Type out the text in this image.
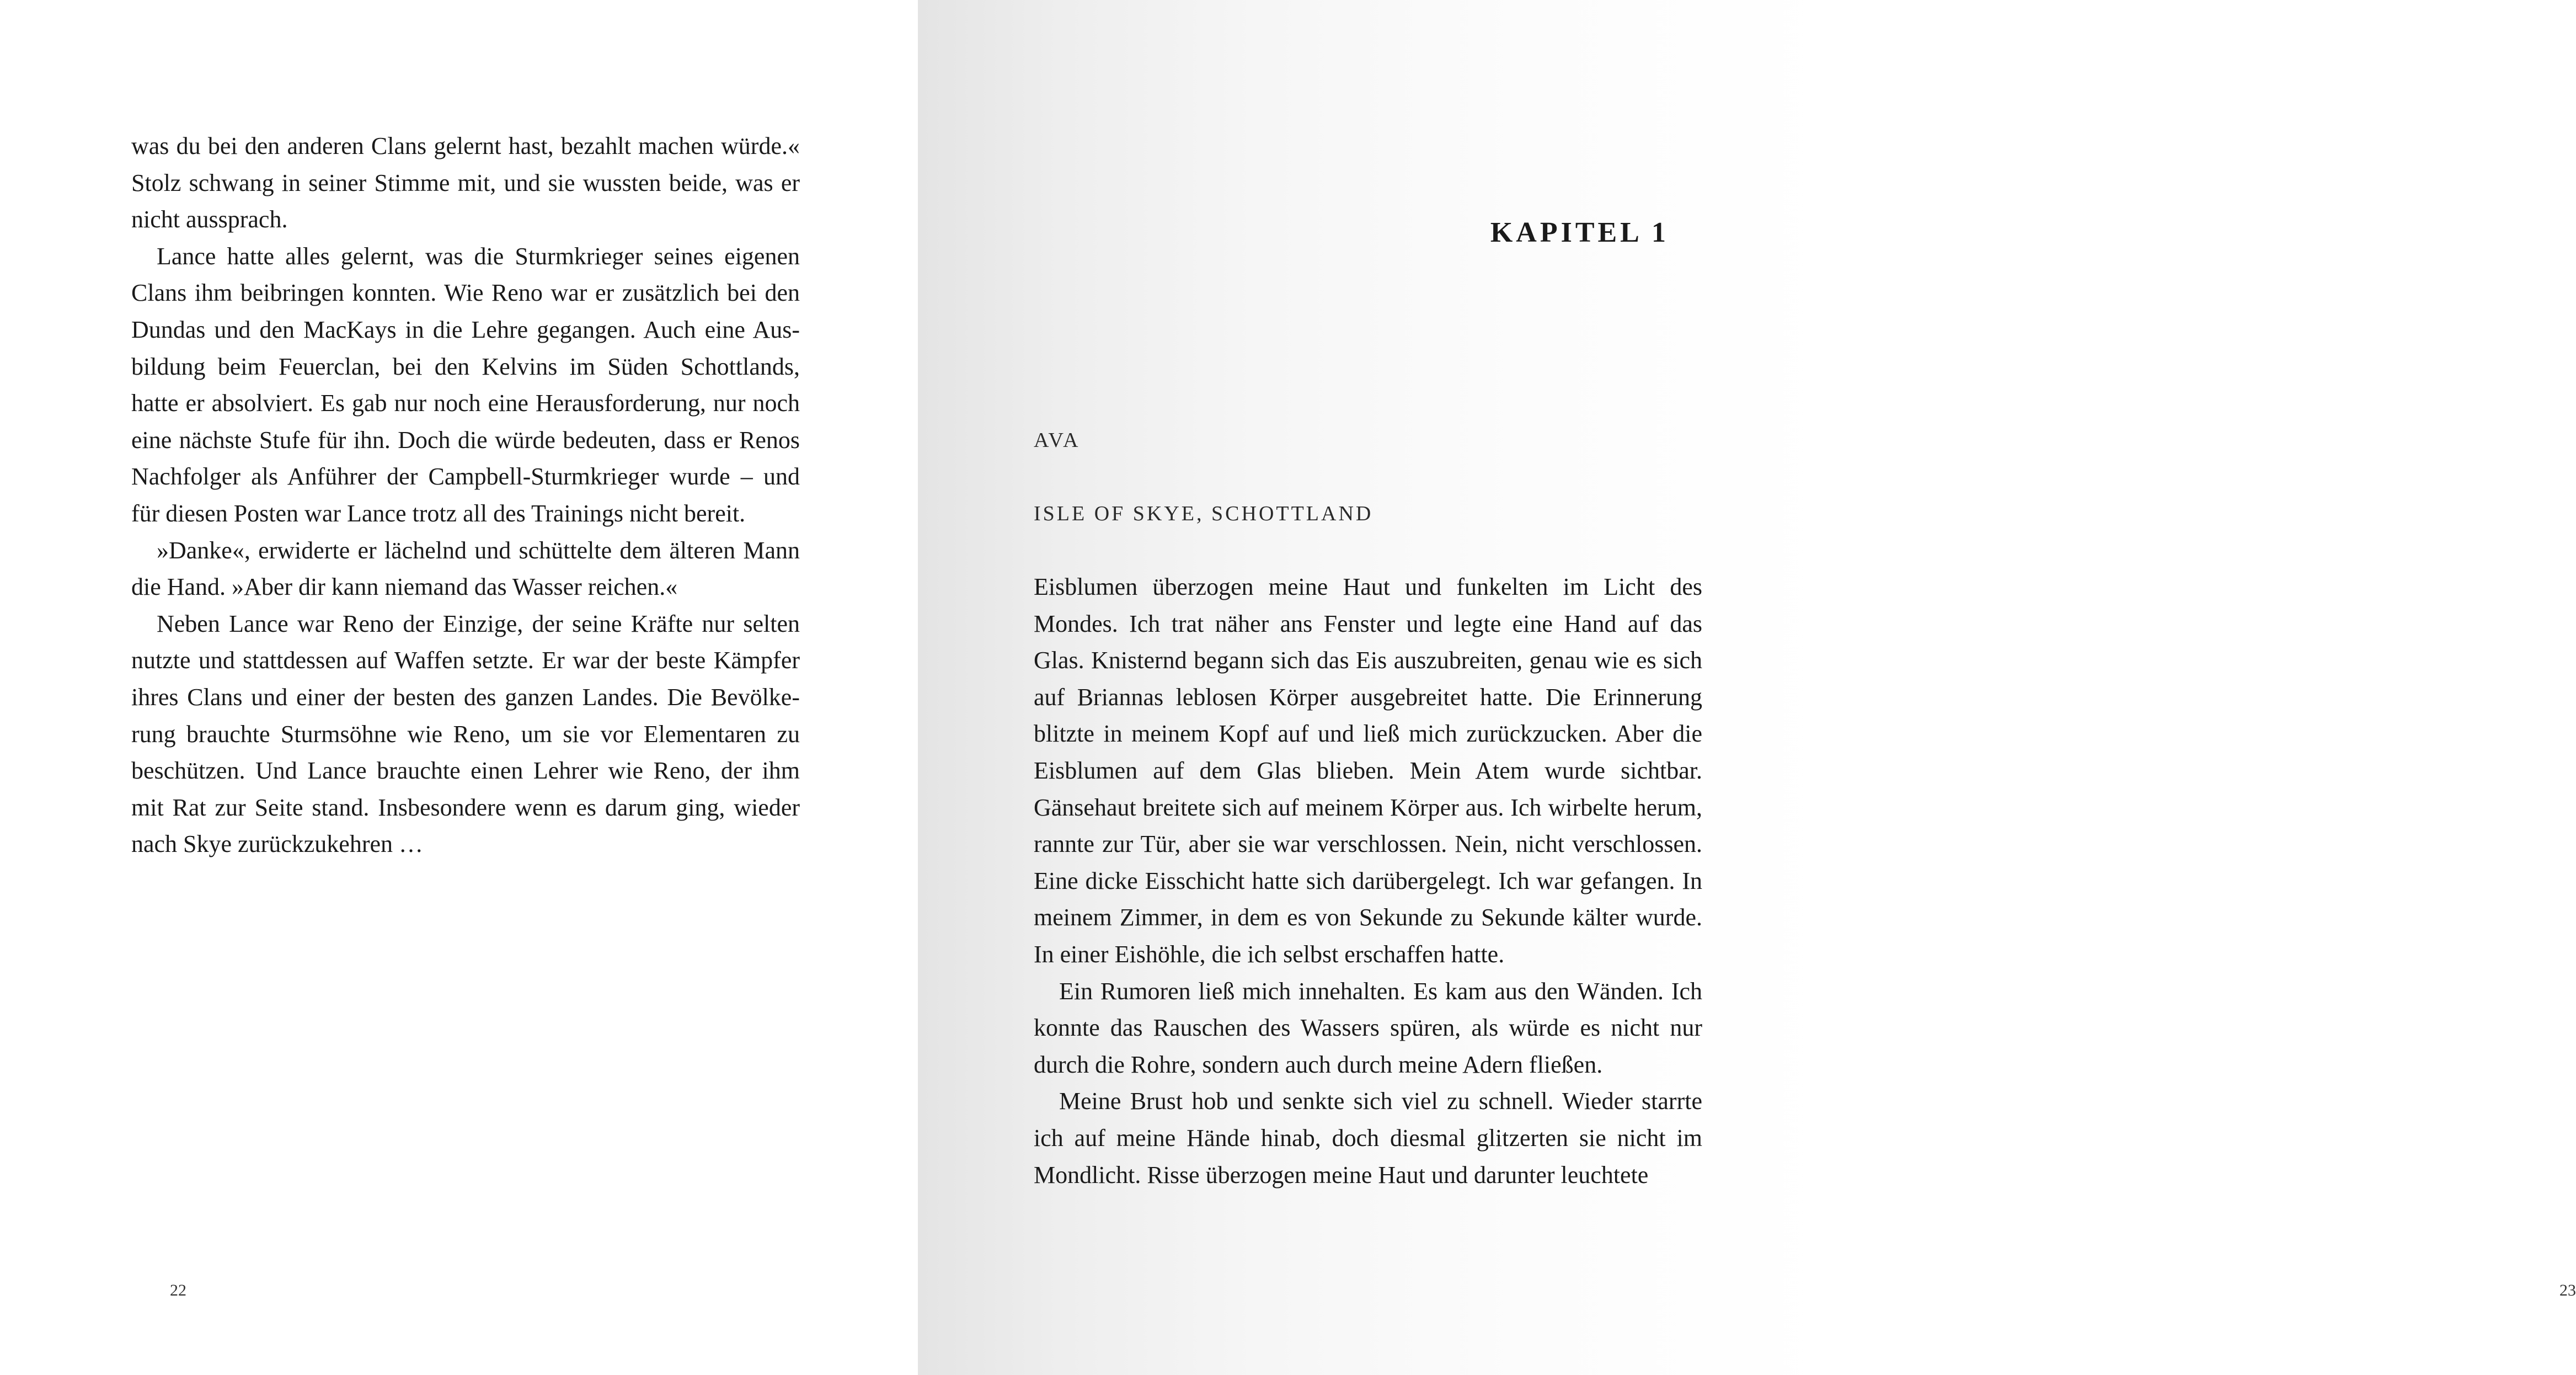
was du bei den anderen Clans gelernt hast, bezahlt machen würde.« Stolz schwang in seiner Stimme mit, und sie wussten beide, was er nicht aussprach.

Lance hatte alles gelernt, was die Sturmkrieger seines eigenen Clans ihm beibringen konnten. Wie Reno war er zusätzlich bei den Dundas und den MacKays in die Lehre gegangen. Auch eine Ausbildung beim Feuerclan, bei den Kelvins im Süden Schottlands, hatte er absolviert. Es gab nur noch eine Herausforderung, nur noch eine nächste Stufe für ihn. Doch die würde bedeuten, dass er Renos Nachfolger als Anführer der Campbell-Sturmkrieger wurde – und für diesen Posten war Lance trotz all des Trainings nicht bereit.

»Danke«, erwiderte er lächelnd und schüttelte dem älteren Mann die Hand. »Aber dir kann niemand das Wasser reichen.«

Neben Lance war Reno der Einzige, der seine Kräfte nur selten nutzte und stattdessen auf Waffen setzte. Er war der beste Kämpfer ihres Clans und einer der besten des ganzen Landes. Die Bevölkerung brauchte Sturmsöhne wie Reno, um sie vor Elementaren zu beschützen. Und Lance brauchte einen Lehrer wie Reno, der ihm mit Rat zur Seite stand. Insbesondere wenn es darum ging, wieder nach Skye zurückzukehren …

22
KAPITEL 1
AVA
ISLE OF SKYE, SCHOTTLAND

Eisblumen überzogen meine Haut und funkelten im Licht des Mondes. Ich trat näher ans Fenster und legte eine Hand auf das Glas. Knisternd begann sich das Eis auszubreiten, genau wie es sich auf Briannas leblosen Körper ausgebreitet hatte. Die Erinnerung blitzte in meinem Kopf auf und ließ mich zurückzucken. Aber die Eisblumen auf dem Glas blieben. Mein Atem wurde sichtbar. Gänsehaut breitete sich auf meinem Körper aus. Ich wirbelte herum, rannte zur Tür, aber sie war verschlossen. Nein, nicht verschlossen. Eine dicke Eisschicht hatte sich darübergelegt. Ich war gefangen. In meinem Zimmer, in dem es von Sekunde zu Sekunde kälter wurde. In einer Eishöhle, die ich selbst erschaffen hatte.

Ein Rumoren ließ mich innehalten. Es kam aus den Wänden. Ich konnte das Rauschen des Wassers spüren, als würde es nicht nur durch die Rohre, sondern auch durch meine Adern fließen.

Meine Brust hob und senkte sich viel zu schnell. Wieder starrte ich auf meine Hände hinab, doch diesmal glitzerten sie nicht im Mondlicht. Risse überzogen meine Haut und darunter leuchtete

23
